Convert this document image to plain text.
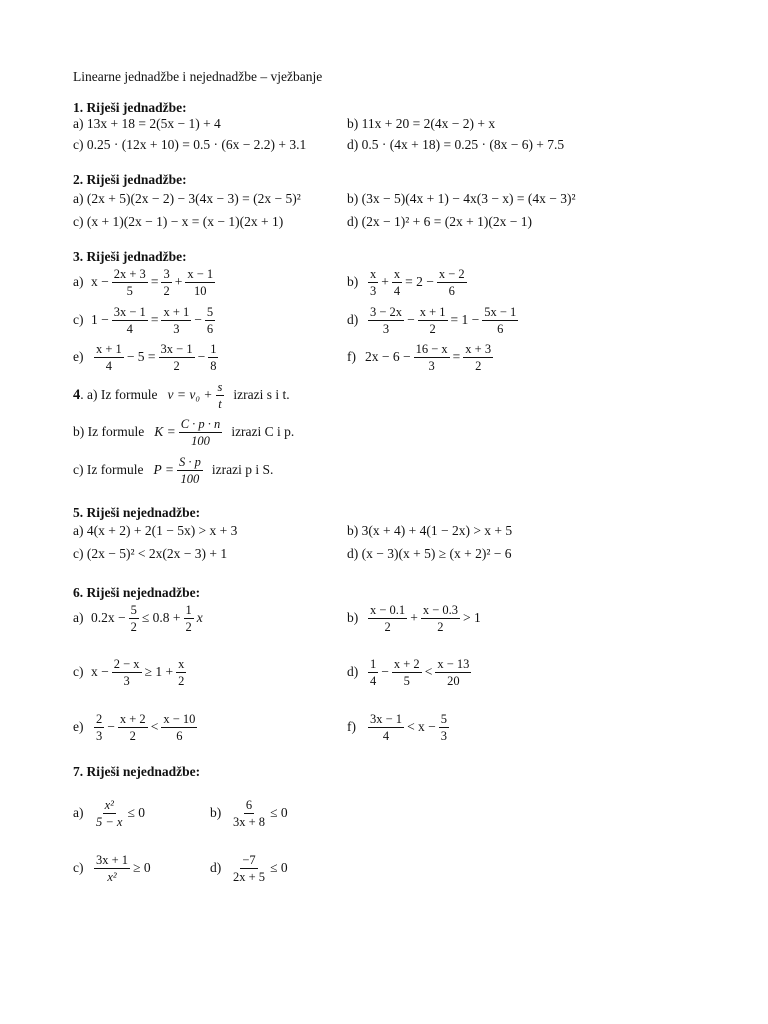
Linearne jednadžbe i nejednadžbe – vježbanje
1. Riješi jednadžbe:
a) 13x + 18 = 2(5x − 1) + 4	b) 11x + 20 = 2(4x − 2) + x
c) 0.25 · (12x + 10) = 0.5 · (6x − 2.2) + 3.1	d) 0.5 · (4x + 18) = 0.25 · (8x − 6) + 7.5
2. Riješi jednadžbe:
a) (2x + 5)(2x − 2) − 3(4x − 3) = (2x − 5)²	b) (3x − 5)(4x + 1) − 4x(3 − x) = (4x − 3)²
c) (x + 1)(2x − 1) − x = (x − 1)(2x + 1)	d) (2x − 1)² + 6 = (2x + 1)(2x − 1)
3. Riješi jednadžbe:
a) $x - \frac{2x + 3}{5} = \frac{3}{2} + \frac{x - 1}{10}$	$b) \frac{x}{3} + \frac{x}{4} = 2 - \frac{x - 2}{6}$
c) $1 - \frac{3x - 1}{4} = \frac{x + 1}{3} - \frac{5}{6}$	$d) \frac{3 - 2x}{3} - \frac{x + 1}{2} = 1 - \frac{5x - 1}{6}$
$e) \frac{x + 1}{4} - 5 = \frac{3x - 1}{2} - \frac{1}{8}$	f) $2x - 6 - \frac{16 - x}{3} = \frac{x + 3}{2}$
4 . a) Iz formule $v = v_0 + \frac{s}{t}$ izrazi s i t.
b) Iz formule $K = \frac{C \cdot p \cdot n}{100}$ izrazi C i p.
c) Iz formule $P = \frac{S \cdot p}{100}$ izrazi p i S.
5. Riješi nejednadžbe:
a) 4(x + 2) + 2(1 − 5x) > x + 3	b) 3(x + 4) + 4(1 − 2x) > x + 5
c) (2x − 5)² < 2x(2x − 3) + 1	d) (x − 3)(x + 5) ≥ (x + 2)² − 6
6. Riješi nejednadžbe:
a) $0.2x - \frac{5}{2} \le 0.8 + \frac{1}{2}$ x	$b) \frac{x - 0.1}{2} + \frac{x - 0.3}{2} > 1$
c) $x - \frac{2 - x}{3} \ge 1 + \frac{x}{2}$	$d) \frac{1}{4} - \frac{x + 2}{5} < \frac{x - 13}{20}$
$e) \frac{2}{3} - \frac{x + 2}{2} < \frac{x - 10}{6}$	$f) \frac{3x - 1}{4} < x - \frac{5}{3}$
7. Riješi nejednadžbe:
$a) \frac{\text{x²}}{5 - x} \le 0$	$b) \frac{6}{3x + 8} \le 0$
$c) \frac{3x + 1}{\text{x²}} \ge 0$	$d) \frac{-7}{2x + 5} \le 0$
